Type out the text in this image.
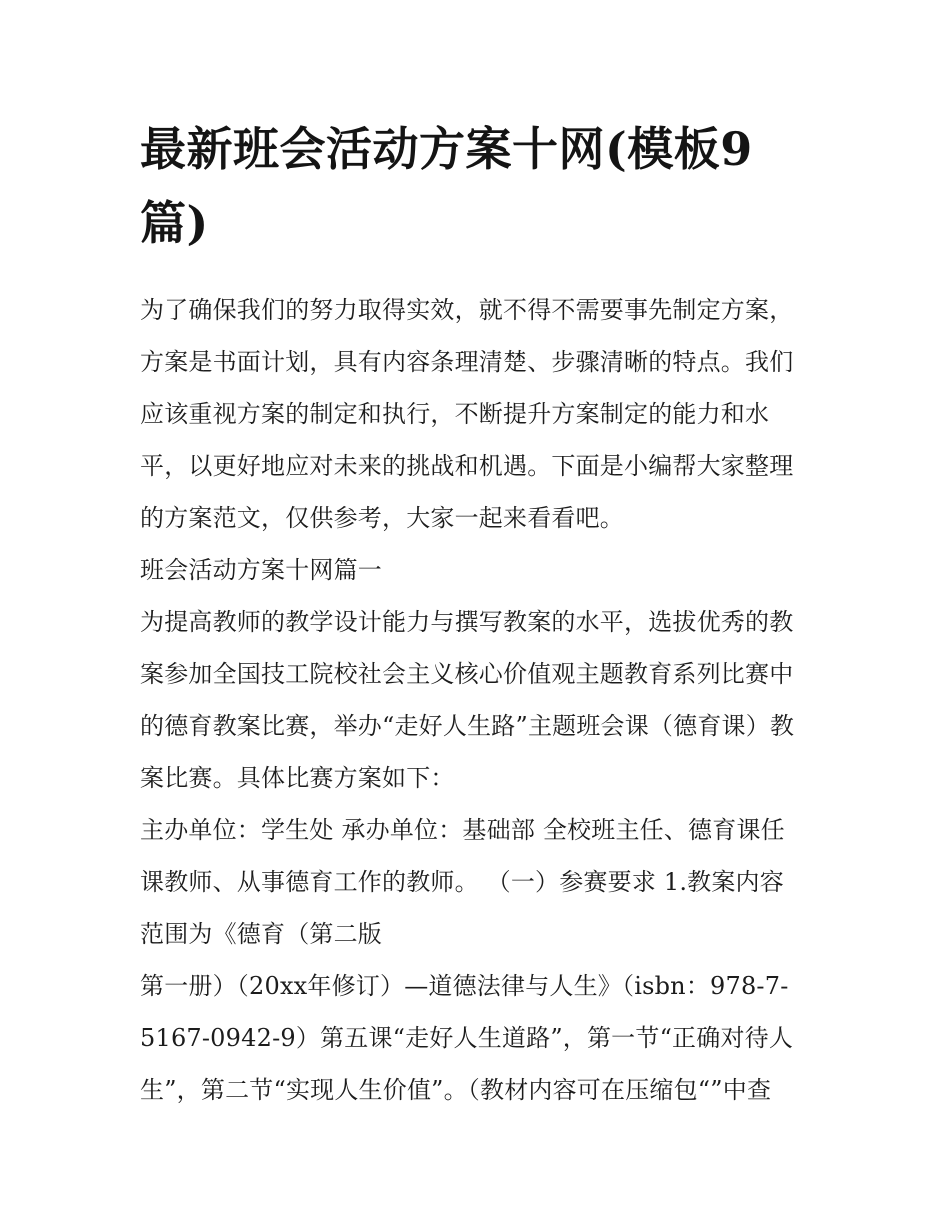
最新班会活动方案十网(模板9篇)

为了确保我们的努力取得实效，就不得不需要事先制定方案，
方案是书面计划，具有内容条理清楚、步骤清晰的特点。我们
应该重视方案的制定和执行，不断提升方案制定的能力和水
平，以更好地应对未来的挑战和机遇。下面是小编帮大家整理
的方案范文，仅供参考，大家一起来看看吧。

班会活动方案十网篇一

为提高教师的教学设计能力与撰写教案的水平，选拔优秀的教
案参加全国技工院校社会主义核心价值观主题教育系列比赛中
的德育教案比赛，举办“走好人生路”主题班会课（德育课）教
案比赛。具体比赛方案如下：
主办单位：学生处 承办单位：基础部 全校班主任、德育课任
课教师、从事德育工作的教师。 （一）参赛要求 1.教案内容
范围为《德育（第二版
第一册）（20xx年修订）—道德法律与人生》（isbn：978-7-
5167-0942-9）第五课“走好人生道路”，第一节“正确对待人
生”，第二节“实现人生价值”。（教材内容可在压缩包“”中查
